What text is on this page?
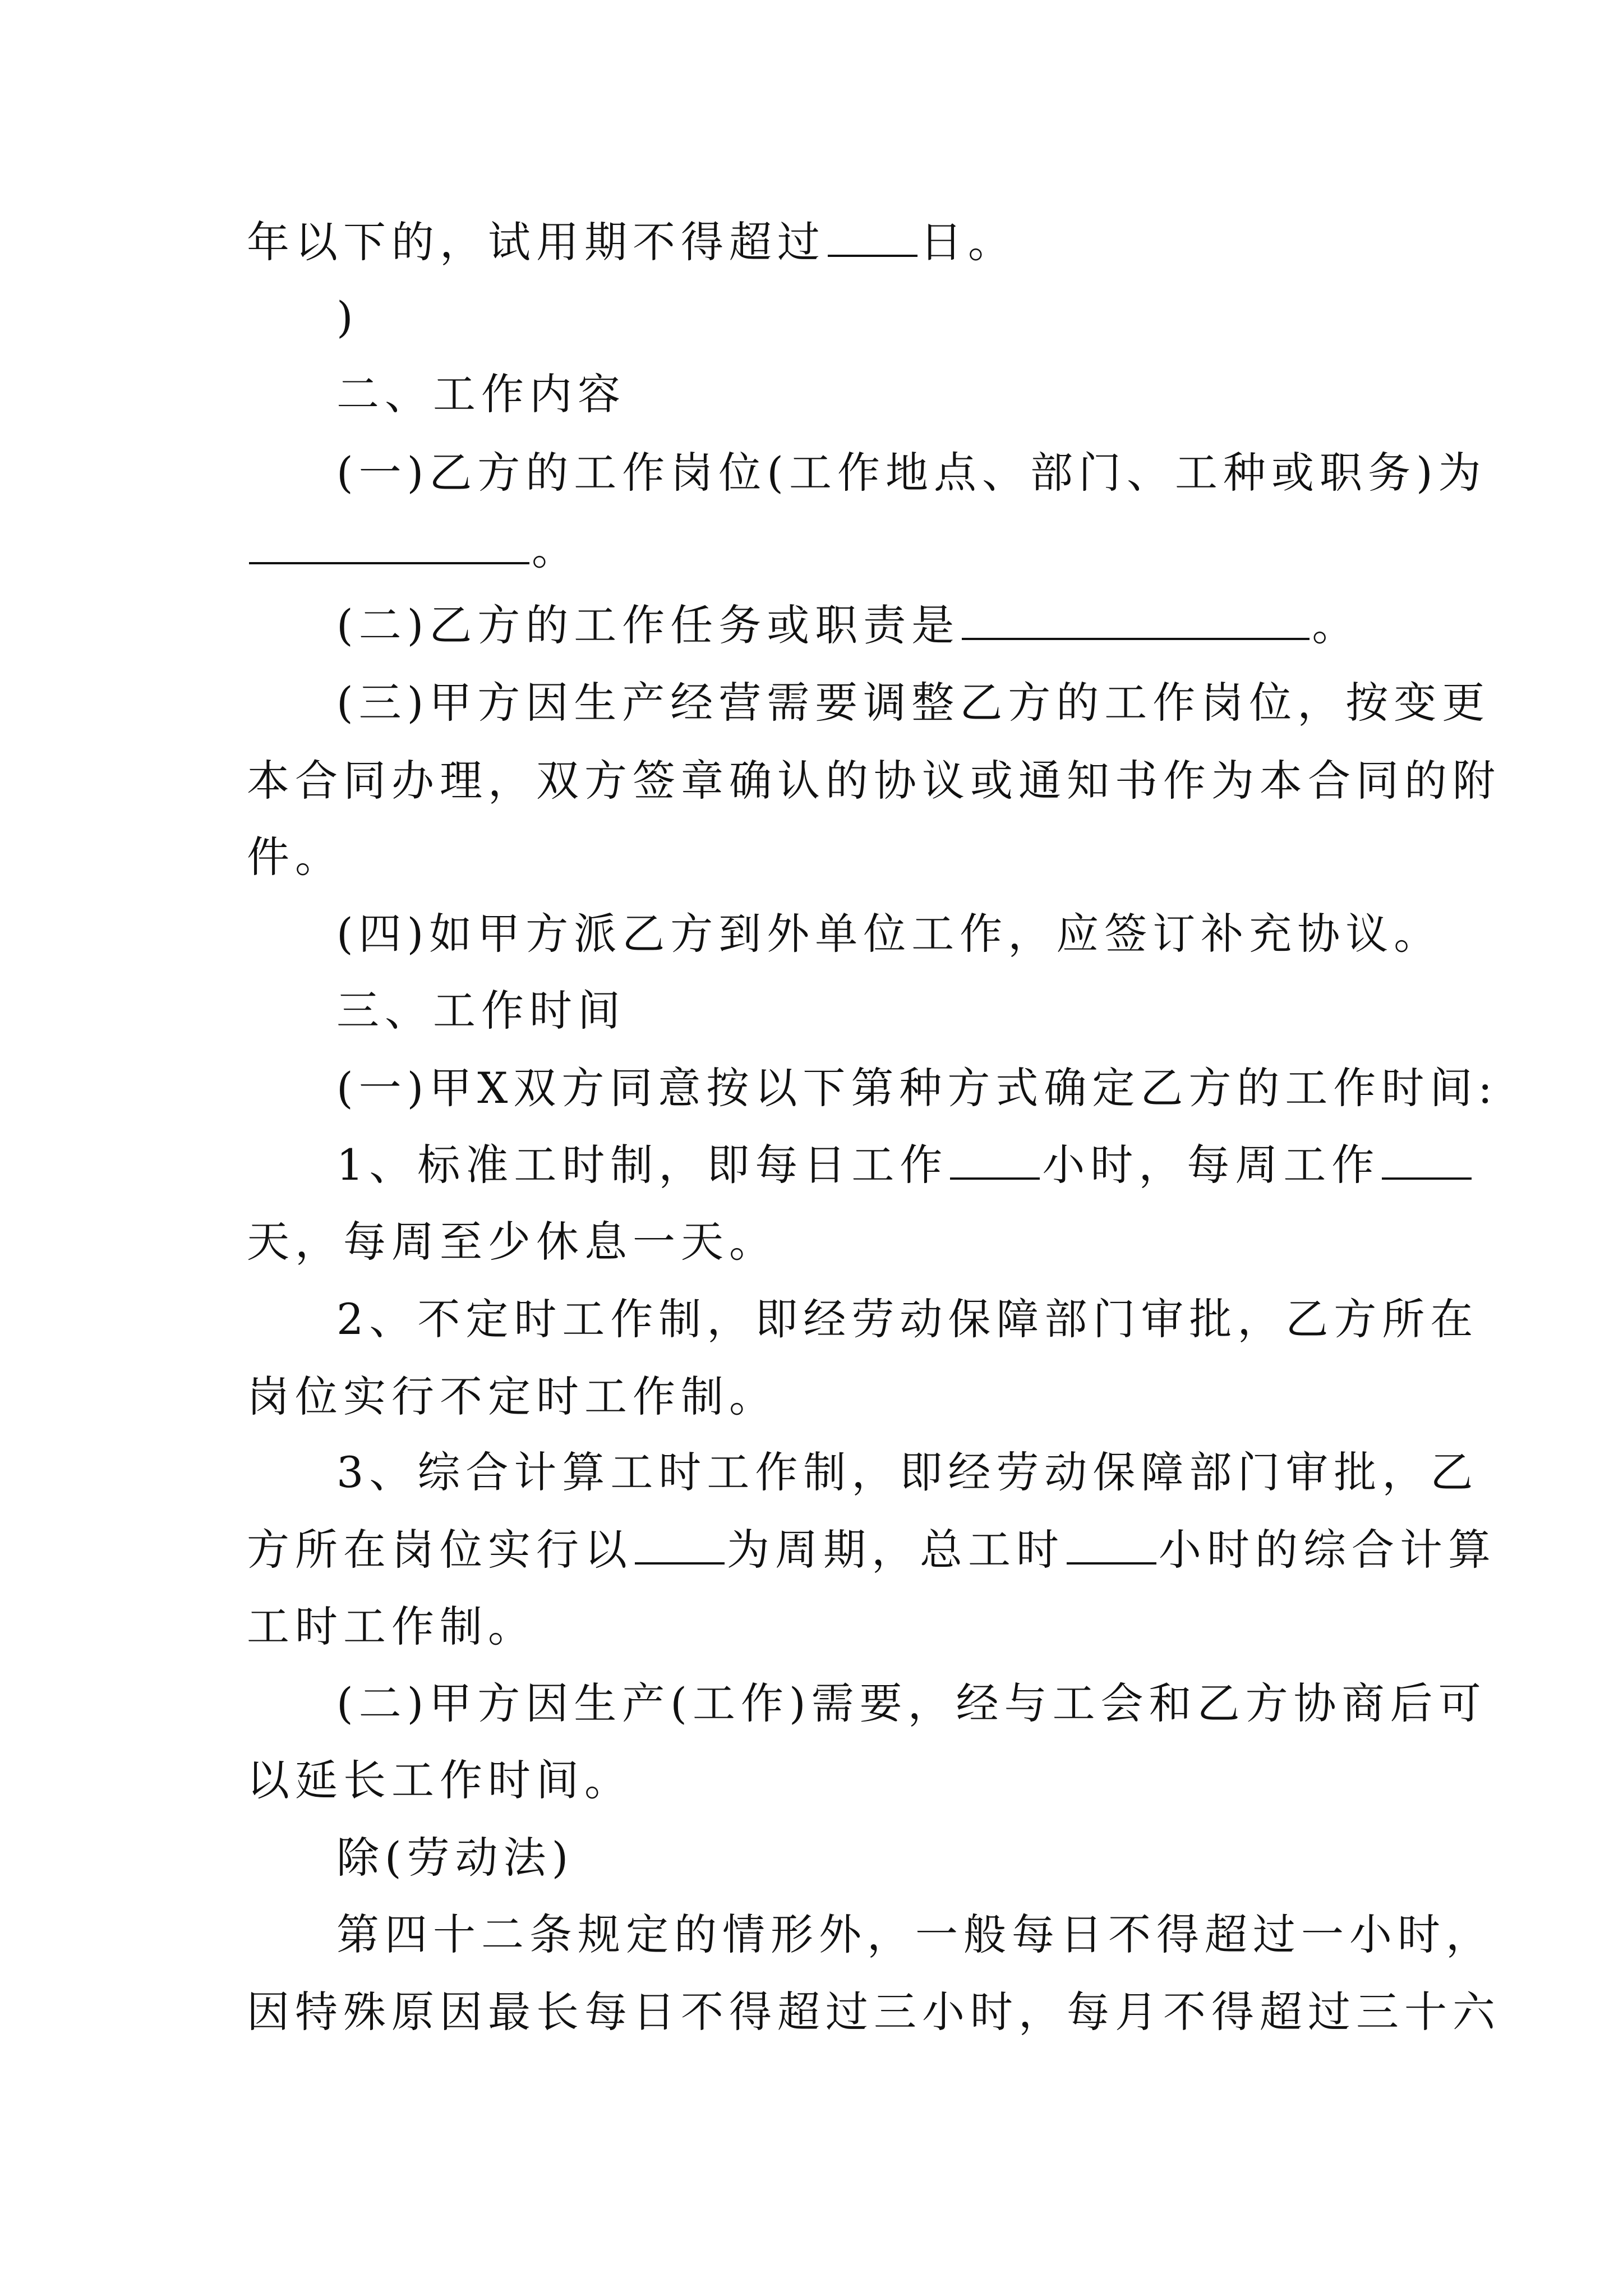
年以下的，试用期不得超过 日。
)
二、工作内容
(一)乙方的工作岗位(工作地点、部门、工种或职务)为
。
(二)乙方的工作任务或职责是	。
(三)甲方因生产经营需要调整乙方的工作岗位，按变更
本合同办理，双方签章确认的协议或通知书作为本合同的附
件。
(四)如甲方派乙方到外单位工作，应签订补充协议。
三、工作时间
(一)甲X双方同意按以下第种方式确定乙方的工作时间:
1、标准工时制，即每日工作 小时，每周工作
天，每周至少休息一天。
2、不定时工作制，即经劳动保障部门审批，乙方所在
岗位实行不定时工作制。
3、综合计算工时工作制，即经劳动保障部门审批，乙
方所在岗位实行以 为周期，总工时 小时的综合计算
工时工作制。
(二)甲方因生产(工作)需要，经与工会和乙方协商后可
以延长工作时间。
除(劳动法)
第四十二条规定的情形外，一般每日不得超过一小时，
因特殊原因最长每日不得超过三小时，每月不得超过三十六
